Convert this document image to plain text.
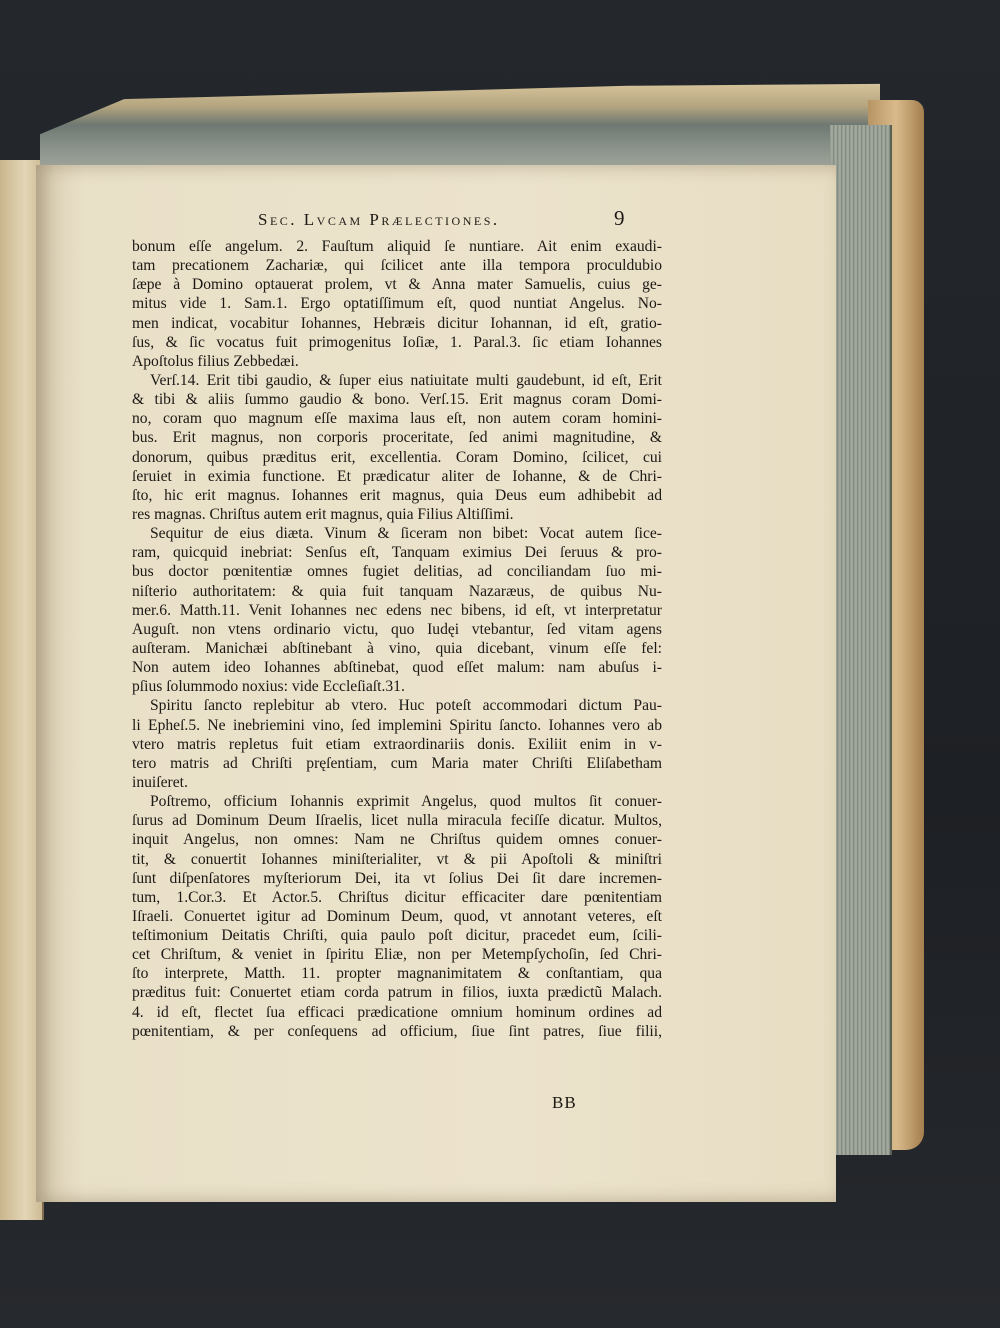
Sec. Lvcam Prælectiones.	9
bonum eſſe angelum. 2. Fauſtum aliquid ſe nuntiare. Ait enim exaudi-
tam precationem Zachariæ, qui ſcilicet ante illa tempora proculdubio
ſæpe à Domino optauerat prolem, vt & Anna mater Samuelis, cuius ge-
mitus vide 1. Sam.1. Ergo optatiſſimum eſt, quod nuntiat Angelus. No-
men indicat, vocabitur Iohannes, Hebræis dicitur Iohannan, id eſt, gratio-
ſus, & ſic vocatus fuit primogenitus Ioſiæ, 1. Paral.3. ſic etiam Iohannes
Apoſtolus filius Zebbedæi.
Verſ.14. Erit tibi gaudio, & ſuper eius natiuitate multi gaudebunt, id eſt, Erit
& tibi & aliis ſummo gaudio & bono. Verſ.15. Erit magnus coram Domi-
no, coram quo magnum eſſe maxima laus eſt, non autem coram homini-
bus. Erit magnus, non corporis proceritate, ſed animi magnitudine, &
donorum, quibus præditus erit, excellentia. Coram Domino, ſcilicet, cui
ſeruiet in eximia functione. Et prædicatur aliter de Iohanne, & de Chri-
ſto, hic erit magnus. Iohannes erit magnus, quia Deus eum adhibebit ad
res magnas. Chriſtus autem erit magnus, quia Filius Altiſſimi.
Sequitur de eius diæta. Vinum & ſiceram non bibet: Vocat autem ſice-
ram, quicquid inebriat: Senſus eſt, Tanquam eximius Dei ſeruus & pro-
bus doctor pœnitentiæ omnes fugiet delitias, ad conciliandam ſuo mi-
niſterio authoritatem: & quia fuit tanquam Nazaræus, de quibus Nu-
mer.6. Matth.11. Venit Iohannes nec edens nec bibens, id eſt, vt interpretatur
Auguſt. non vtens ordinario victu, quo Iudęi vtebantur, ſed vitam agens
auſteram. Manichæi abſtinebant à vino, quia dicebant, vinum eſſe fel:
Non autem ideo Iohannes abſtinebat, quod eſſet malum: nam abuſus i-
pſius ſolummodo noxius: vide Eccleſiaſt.31.
Spiritu ſancto replebitur ab vtero. Huc poteſt accommodari dictum Pau-
li Epheſ.5. Ne inebriemini vino, ſed implemini Spiritu ſancto. Iohannes vero ab
vtero matris repletus fuit etiam extraordinariis donis. Exiliit enim in v-
tero matris ad Chriſti pręſentiam, cum Maria mater Chriſti Eliſabetham
inuiſeret.
Poſtremo, officium Iohannis exprimit Angelus, quod multos ſit conuer-
ſurus ad Dominum Deum Iſraelis, licet nulla miracula feciſſe dicatur. Multos,
inquit Angelus, non omnes: Nam ne Chriſtus quidem omnes conuer-
tit, & conuertit Iohannes miniſterialiter, vt & pii Apoſtoli & miniſtri
ſunt diſpenſatores myſteriorum Dei, ita vt ſolius Dei ſit dare incremen-
tum, 1.Cor.3. Et Actor.5. Chriſtus dicitur efficaciter dare pœnitentiam
Iſraeli. Conuertet igitur ad Dominum Deum, quod, vt annotant veteres, eſt
teſtimonium Deitatis Chriſti, quia paulo poſt dicitur, pracedet eum, ſcili-
cet Chriſtum, & veniet in ſpiritu Eliæ, non per Metempſychoſin, ſed Chri-
ſto interprete, Matth. 11. propter magnanimitatem & conſtantiam, qua
præditus fuit: Conuertet etiam corda patrum in filios, iuxta prædictũ Malach.
4. id eſt, flectet ſua efficaci prædicatione omnium hominum ordines ad
pœnitentiam, & per conſequens ad officium, ſiue ſint patres, ſiue filii,
BB
